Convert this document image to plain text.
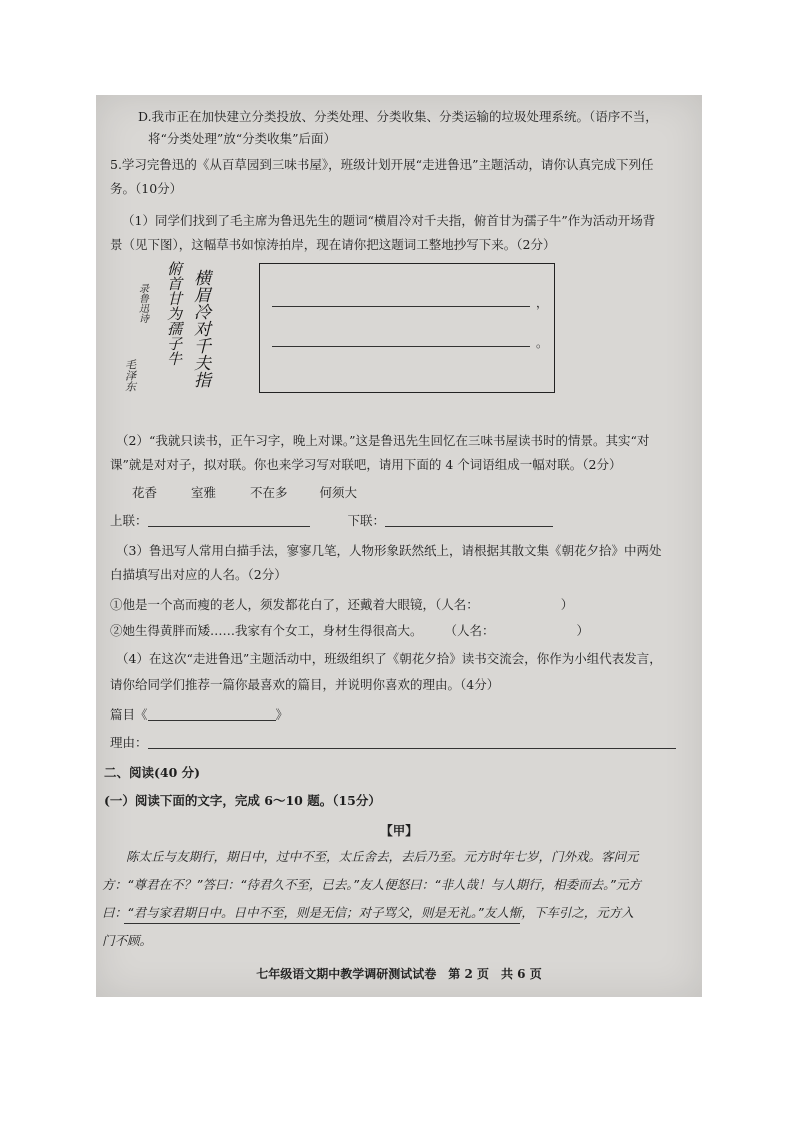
D.我市正在加快建立分类投放、分类处理、分类收集、分类运输的垃圾处理系统。（语序不当，
将“分类处理”放“分类收集”后面）
5.学习完鲁迅的《从百草园到三味书屋》，班级计划开展“走进鲁迅”主题活动，请你认真完成下列任
务。（10分）
（1）同学们找到了毛主席为鲁迅先生的题词“横眉冷对千夫指，俯首甘为孺子牛”作为活动开场背
景（见下图），这幅草书如惊涛拍岸，现在请你把这题词工整地抄写下来。（2分）
横眉冷对千夫指
俯首甘为孺子牛
录鲁迅诗
毛泽东
，
。
（2）“我就只读书，正午习字，晚上对课。”这是鲁迅先生回忆在三味书屋读书时的情景。其实“对
课”就是对对子，拟对联。你也来学习写对联吧，请用下面的 4 个词语组成一幅对联。（2分）
花香	室雅	不在多	何须大
上联：	下联：
（3）鲁迅写人常用白描手法，寥寥几笔，人物形象跃然纸上，请根据其散文集《朝花夕拾》中两处
白描填写出对应的人名。（2分）
①他是一个高而瘦的老人，须发都花白了，还戴着大眼镜，（人名：	）
②她生得黄胖而矮……我家有个女工，身材生得很高大。 （人名：	）
（4）在这次“走进鲁迅”主题活动中，班级组织了《朝花夕拾》读书交流会，你作为小组代表发言，
请你给同学们推荐一篇你最喜欢的篇目，并说明你喜欢的理由。（4分）
篇目《	》
理由：
二、阅读(40 分)
(一）阅读下面的文字，完成 6～10 题。（15分）
【甲】
陈太丘与友期行，期日中，过中不至，太丘舍去，去后乃至。元方时年七岁，门外戏。客问元
方：“尊君在不？”答曰：“待君久不至，已去。”友人便怒曰：“非人哉！与人期行，相委而去。”元方
曰：“君与家君期日中。日中不至，则是无信；对子骂父，则是无礼。”友人惭，下车引之，元方入
门不顾。
七年级语文期中教学调研测试试卷　第 2 页　共 6 页
